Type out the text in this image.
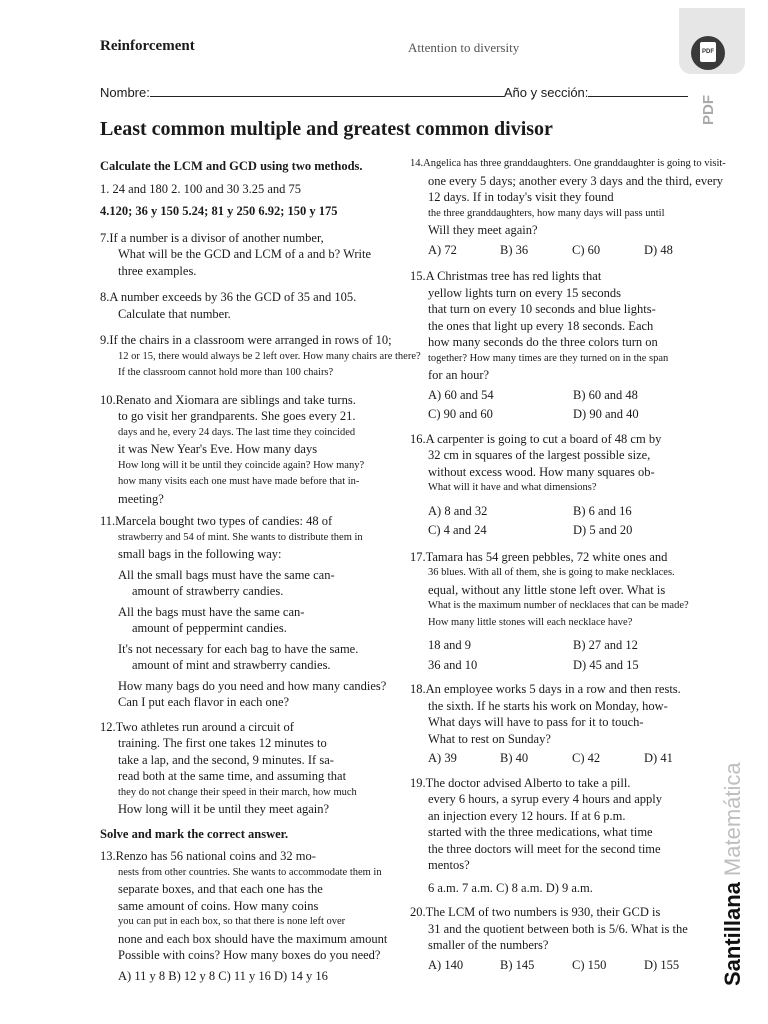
Reinforcement	Attention to diversity	PDF
PDF
Nombre:	Año y sección:
Least common multiple and greatest common divisor
Calculate the LCM and GCD using two methods.
1. 24 and 180 2. 100 and 30 3.25 and 75
4.120; 36 y 150 5.24; 81 y 250 6.92; 150 y 175
7.If a number is a divisor of another number,
What will be the GCD and LCM of a and b? Write
three examples.
8.A number exceeds by 36 the GCD of 35 and 105.
Calculate that number.
9.If the chairs in a classroom were arranged in rows of 10;
12 or 15, there would always be 2 left over. How many chairs are there?
If the classroom cannot hold more than 100 chairs?
10.Renato and Xiomara are siblings and take turns.
to go visit her grandparents. She goes every 21.
days and he, every 24 days. The last time they coincided
it was New Year's Eve. How many days
How long will it be until they coincide again? How many?
how many visits each one must have made before that in-
meeting?
11.Marcela bought two types of candies: 48 of
strawberry and 54 of mint. She wants to distribute them in
small bags in the following way:
All the small bags must have the same can-
amount of strawberry candies.
All the bags must have the same can-
amount of peppermint candies.
It's not necessary for each bag to have the same.
amount of mint and strawberry candies.
How many bags do you need and how many candies?
Can I put each flavor in each one?
12.Two athletes run around a circuit of
training. The first one takes 12 minutes to
take a lap, and the second, 9 minutes. If sa-
read both at the same time, and assuming that
they do not change their speed in their march, how much
How long will it be until they meet again?
Solve and mark the correct answer.
13.Renzo has 56 national coins and 32 mo-
nests from other countries. She wants to accommodate them in
separate boxes, and that each one has the
same amount of coins. How many coins
you can put in each box, so that there is none left over
none and each box should have the maximum amount
Possible with coins? How many boxes do you need?
A) 11 y 8 B) 12 y 8 C) 11 y 16 D) 14 y 16
14.Angelica has three granddaughters. One granddaughter is going to visit-
one every 5 days; another every 3 days and the third, every
12 days. If in today's visit they found
the three granddaughters, how many days will pass until
Will they meet again?
A) 72	B) 36	C) 60	D) 48
15.A Christmas tree has red lights that
yellow lights turn on every 15 seconds
that turn on every 10 seconds and blue lights-
the ones that light up every 18 seconds. Each
how many seconds do the three colors turn on
together? How many times are they turned on in the span
for an hour?
A) 60 and 54	B) 60 and 48
C) 90 and 60	D) 90 and 40
16.A carpenter is going to cut a board of 48 cm by
32 cm in squares of the largest possible size,
without excess wood. How many squares ob-
What will it have and what dimensions?
A) 8 and 32	B) 6 and 16
C) 4 and 24	D) 5 and 20
17.Tamara has 54 green pebbles, 72 white ones and
36 blues. With all of them, she is going to make necklaces.
equal, without any little stone left over. What is
What is the maximum number of necklaces that can be made?
How many little stones will each necklace have?
18 and 9	B) 27 and 12
36 and 10	D) 45 and 15
18.An employee works 5 days in a row and then rests.
the sixth. If he starts his work on Monday, how-
What days will have to pass for it to touch-
What to rest on Sunday?
A) 39	B) 40	C) 42	D) 41
19.The doctor advised Alberto to take a pill.
every 6 hours, a syrup every 4 hours and apply
an injection every 12 hours. If at 6 p.m.
started with the three medications, what time
the three doctors will meet for the second time
mentos?
6 a.m. 7 a.m. C) 8 a.m. D) 9 a.m.
20.The LCM of two numbers is 930, their GCD is
31 and the quotient between both is 5/6. What is the
smaller of the numbers?
A) 140	B) 145	C) 150	D) 155	SantillanaMatemática
